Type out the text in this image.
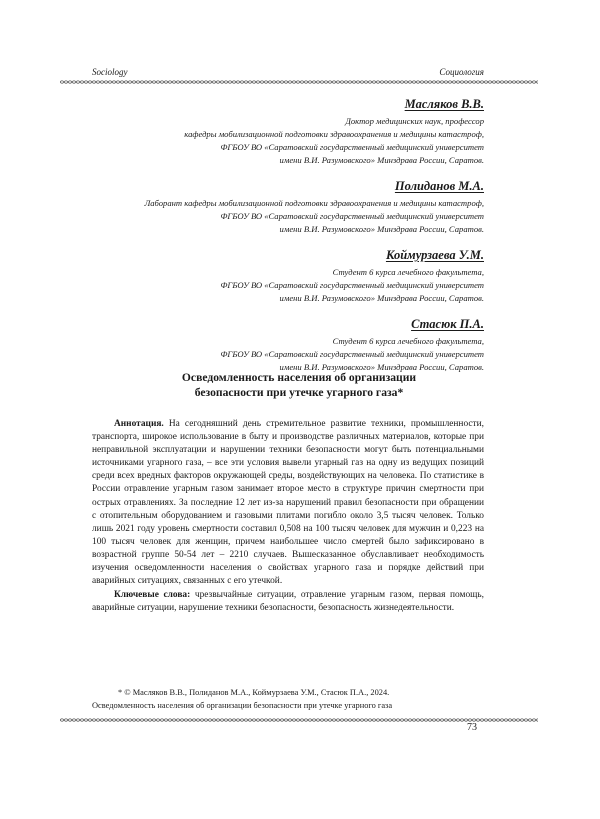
Sociology	Социология
Масляков В.В.
Доктор медицинских наук, профессор
кафедры мобилизационной подготовки здравоохранения и медицины катастроф,
ФГБОУ ВО «Саратовский государственный медицинский университет
имени В.И. Разумовского» Минздрава России, Саратов.
Полиданов М.А.
Лаборант кафедры мобилизационной подготовки здравоохранения и медицины катастроф,
ФГБОУ ВО «Саратовский государственный медицинский университет
имени В.И. Разумовского» Минздрава России, Саратов.
Коймурзаева У.М.
Студент 6 курса лечебного факультета,
ФГБОУ ВО «Саратовский государственный медицинский университет
имени В.И. Разумовского» Минздрава России, Саратов.
Стасюк П.А.
Студент 6 курса лечебного факультета,
ФГБОУ ВО «Саратовский государственный медицинский университет
имени В.И. Разумовского» Минздрава России, Саратов.
Осведомленность населения об организации
безопасности при утечке угарного газа*

Аннотация. На сегодняшний день стремительное развитие техники, промышленности, транспорта, широкое использование в быту и производстве различных материалов, которые при неправильной эксплуатации и нарушении техники безопасности могут быть потенциальными источниками угарного газа, – все эти условия вывели угарный газ на одну из ведущих позиций среди всех вредных факторов окружающей среды, воздействующих на человека. По статистике в России отравление угарным газом занимает второе место в структуре причин смертности при острых отравлениях. За последние 12 лет из-за нарушений правил безопасности при обращении с отопительным оборудованием и газовыми плитами погибло около 3,5 тысяч человек. Только лишь 2021 году уровень смертности составил 0,508 на 100 тысяч человек для мужчин и 0,223 на 100 тысяч человек для женщин, причем наибольшее число смертей было зафиксировано в возрастной группе 50-54 лет – 2210 случаев. Вышесказанное обуславливает необходимость изучения осведомленности населения о свойствах угарного газа и порядке действий при аварийных ситуациях, связанных с его утечкой.

Ключевые слова: чрезвычайные ситуации, отравление угарным газом, первая помощь, аварийные ситуации, нарушение техники безопасности, безопасность жизнедеятельности.

* © Масляков В.В., Полиданов М.А., Коймурзаева У.М., Стасюк П.А., 2024.
Осведомленность населения об организации безопасности при утечке угарного газа
73
